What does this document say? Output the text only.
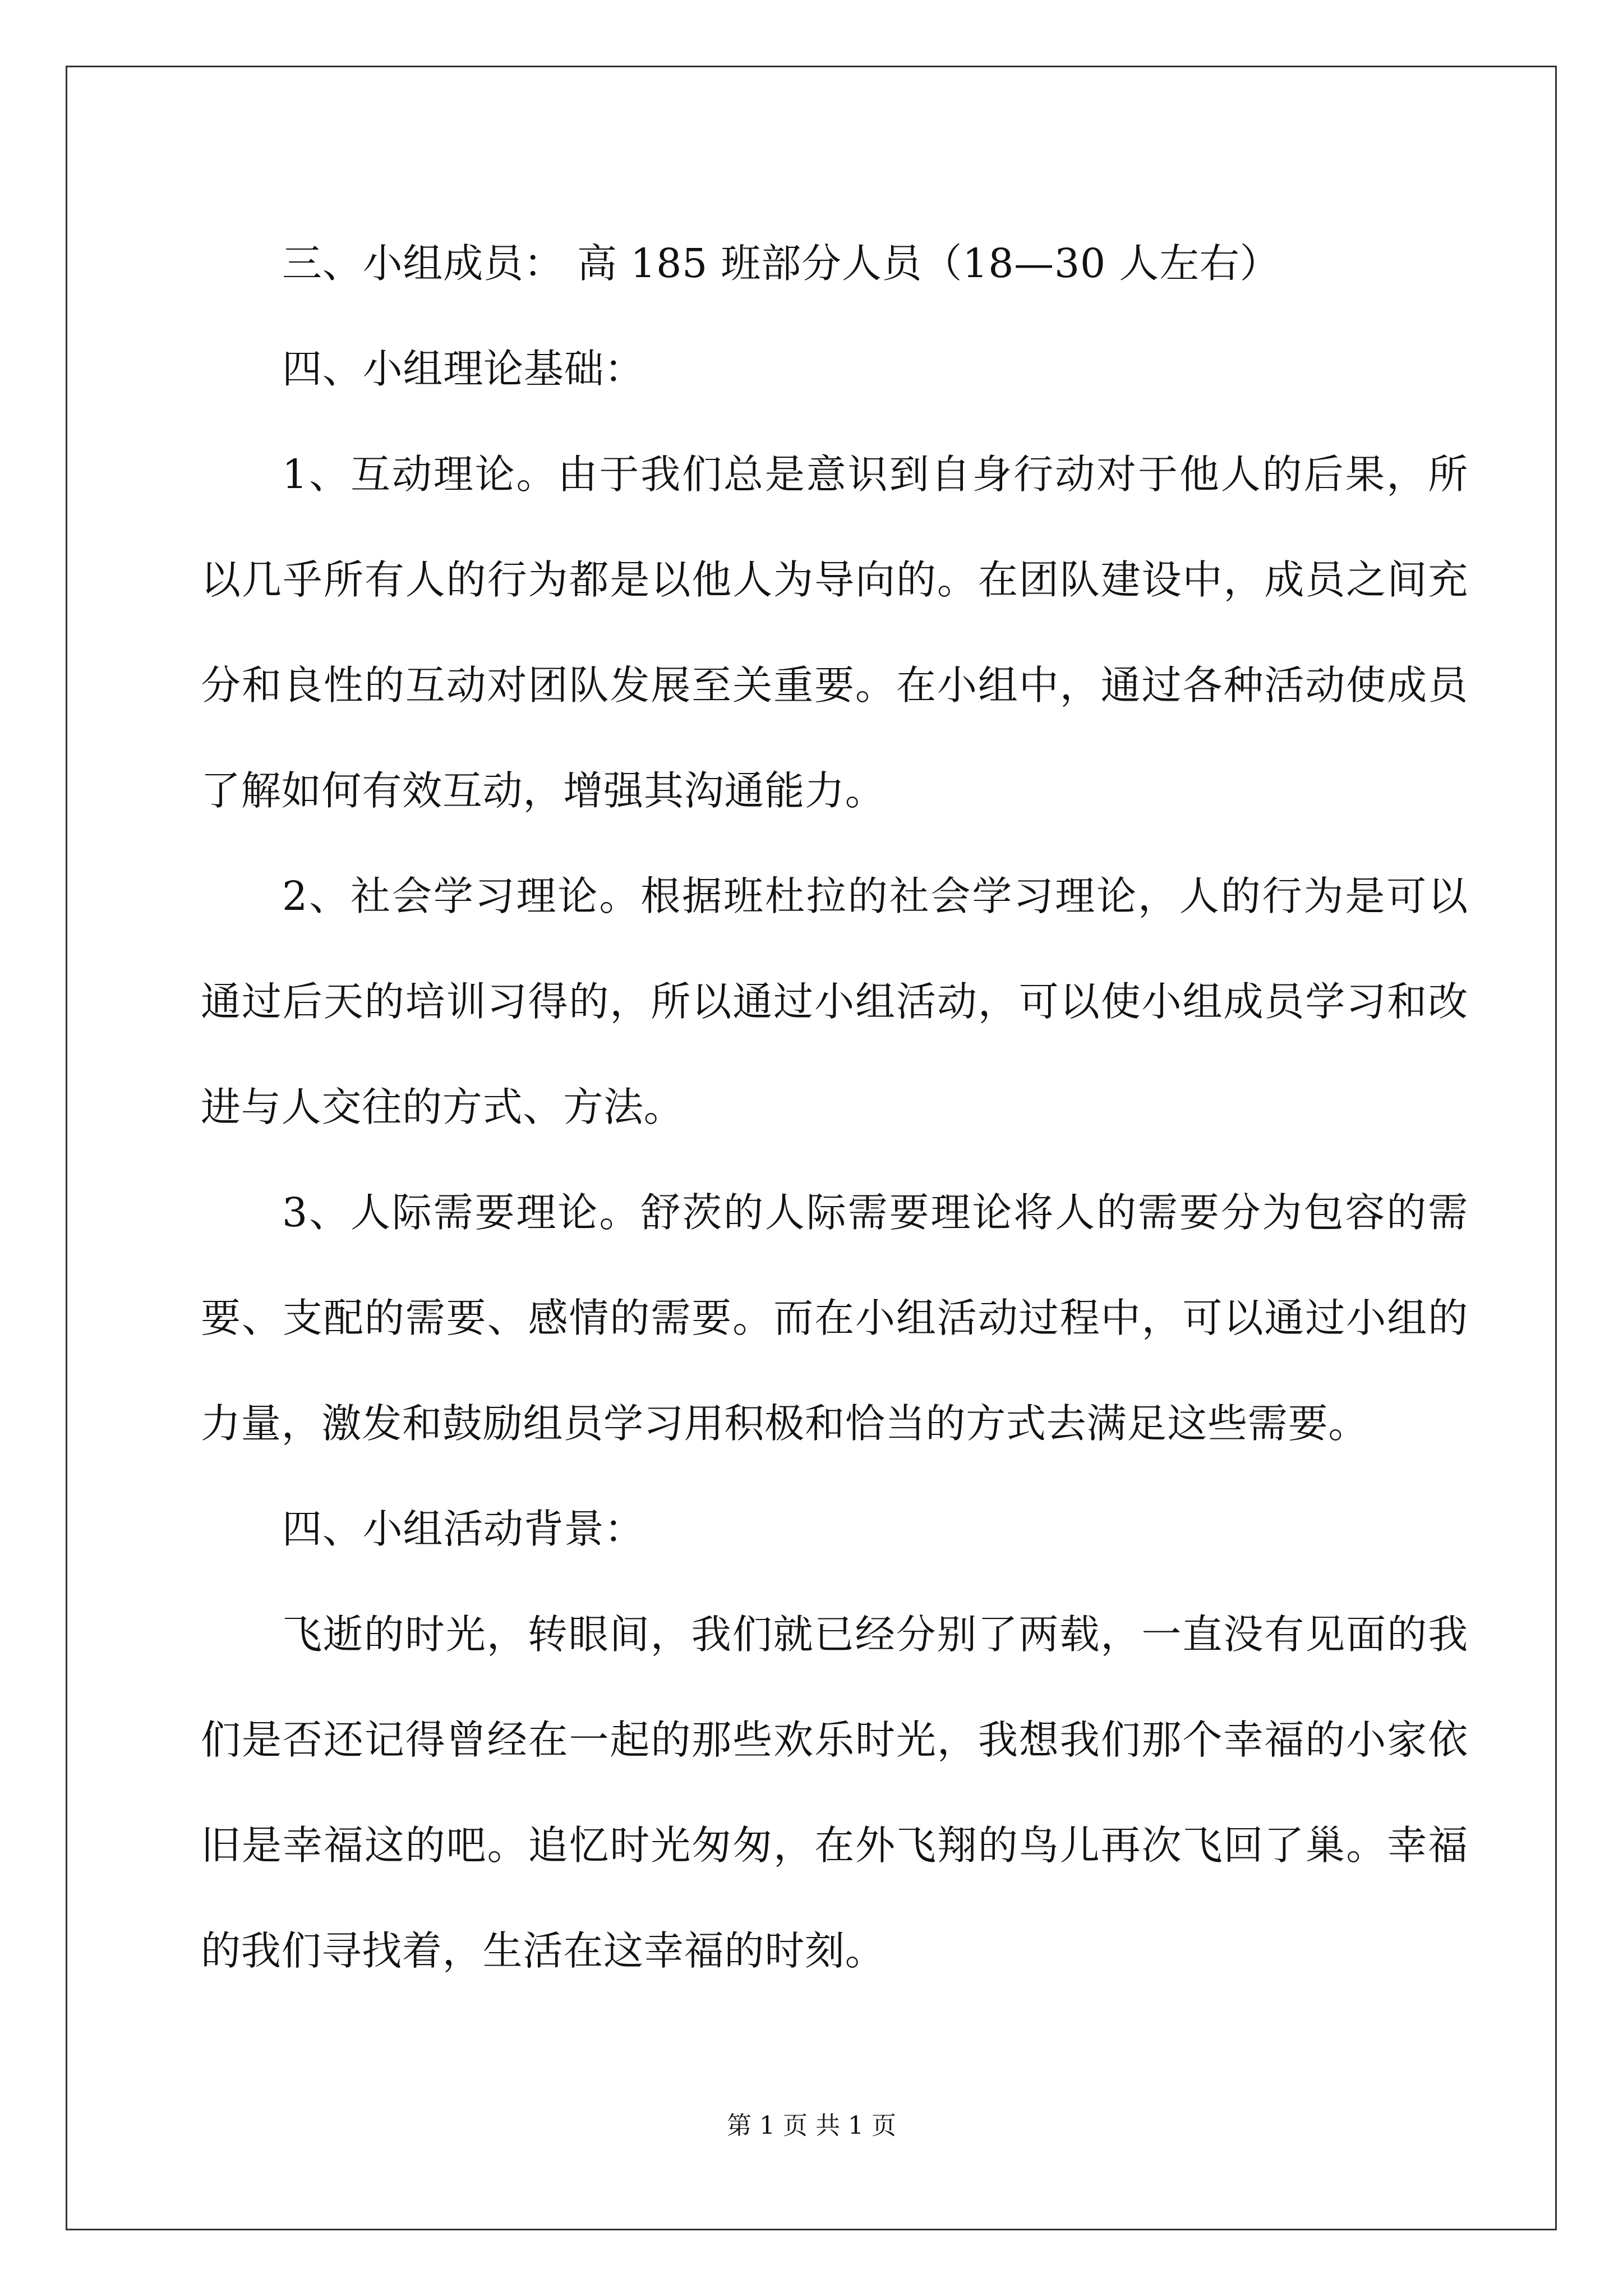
三、小组成员： 高 185 班部分人员（18—30 人左右）

四、小组理论基础：

1、互动理论。由于我们总是意识到自身行动对于他人的后果，所以几乎所有人的行为都是以他人为导向的。在团队建设中，成员之间充分和良性的互动对团队发展至关重要。在小组中，通过各种活动使成员了解如何有效互动，增强其沟通能力。

2、社会学习理论。根据班杜拉的社会学习理论，人的行为是可以通过后天的培训习得的，所以通过小组活动，可以使小组成员学习和改进与人交往的方式、方法。

3、人际需要理论。舒茨的人际需要理论将人的需要分为包容的需要、支配的需要、感情的需要。而在小组活动过程中，可以通过小组的力量，激发和鼓励组员学习用积极和恰当的方式去满足这些需要。

四、小组活动背景：

飞逝的时光，转眼间，我们就已经分别了两载，一直没有见面的我们是否还记得曾经在一起的那些欢乐时光，我想我们那个幸福的小家依旧是幸福这的吧。追忆时光匆匆，在外飞翔的鸟儿再次飞回了巢。幸福的我们寻找着，生活在这幸福的时刻。

第 1 页 共 1 页
